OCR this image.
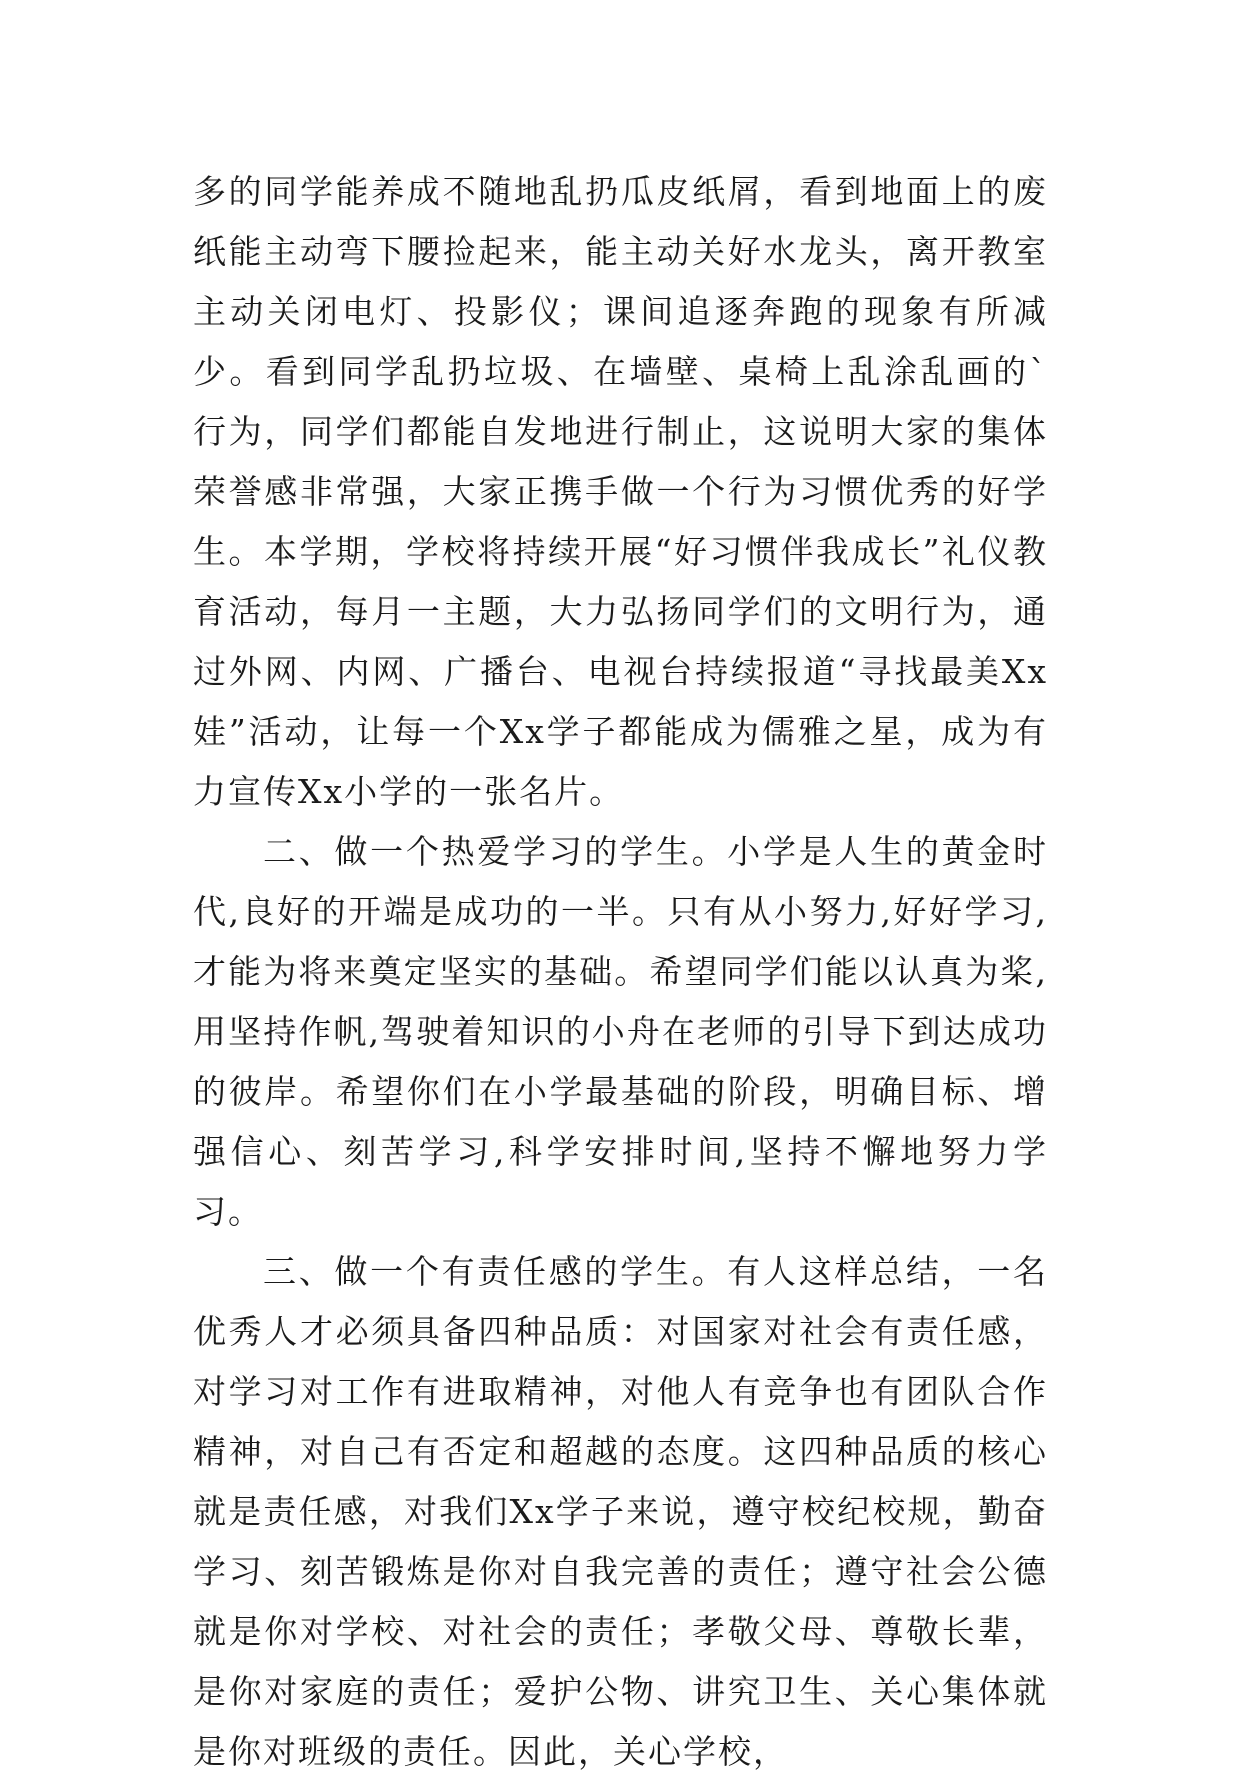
多的同学能养成不随地乱扔瓜皮纸屑，看到地面上的废纸能主动弯下腰捡起来，能主动关好水龙头，离开教室主动关闭电灯、投影仪；课间追逐奔跑的现象有所减少。看到同学乱扔垃圾、在墙壁、桌椅上乱涂乱画的`行为，同学们都能自发地进行制止，这说明大家的集体荣誉感非常强，大家正携手做一个行为习惯优秀的好学生。本学期，学校将持续开展“好习惯伴我成长”礼仪教育活动，每月一主题，大力弘扬同学们的文明行为，通过外网、内网、广播台、电视台持续报道“寻找最美Xx娃”活动，让每一个Xx学子都能成为儒雅之星，成为有力宣传Xx小学的一张名片。

二、做一个热爱学习的学生。小学是人生的黄金时代,良好的开端是成功的一半。只有从小努力,好好学习,才能为将来奠定坚实的基础。希望同学们能以认真为桨,用坚持作帆,驾驶着知识的小舟在老师的引导下到达成功的彼岸。希望你们在小学最基础的阶段，明确目标、增强信心、刻苦学习,科学安排时间,坚持不懈地努力学习。

三、做一个有责任感的学生。有人这样总结，一名优秀人才必须具备四种品质：对国家对社会有责任感，对学习对工作有进取精神，对他人有竞争也有团队合作精神，对自己有否定和超越的态度。这四种品质的核心就是责任感，对我们Xx学子来说，遵守校纪校规，勤奋学习、刻苦锻炼是你对自我完善的责任；遵守社会公德就是你对学校、对社会的责任；孝敬父母、尊敬长辈，是你对家庭的责任；爱护公物、讲究卫生、关心集体就是你对班级的责任。因此，关心学校，
